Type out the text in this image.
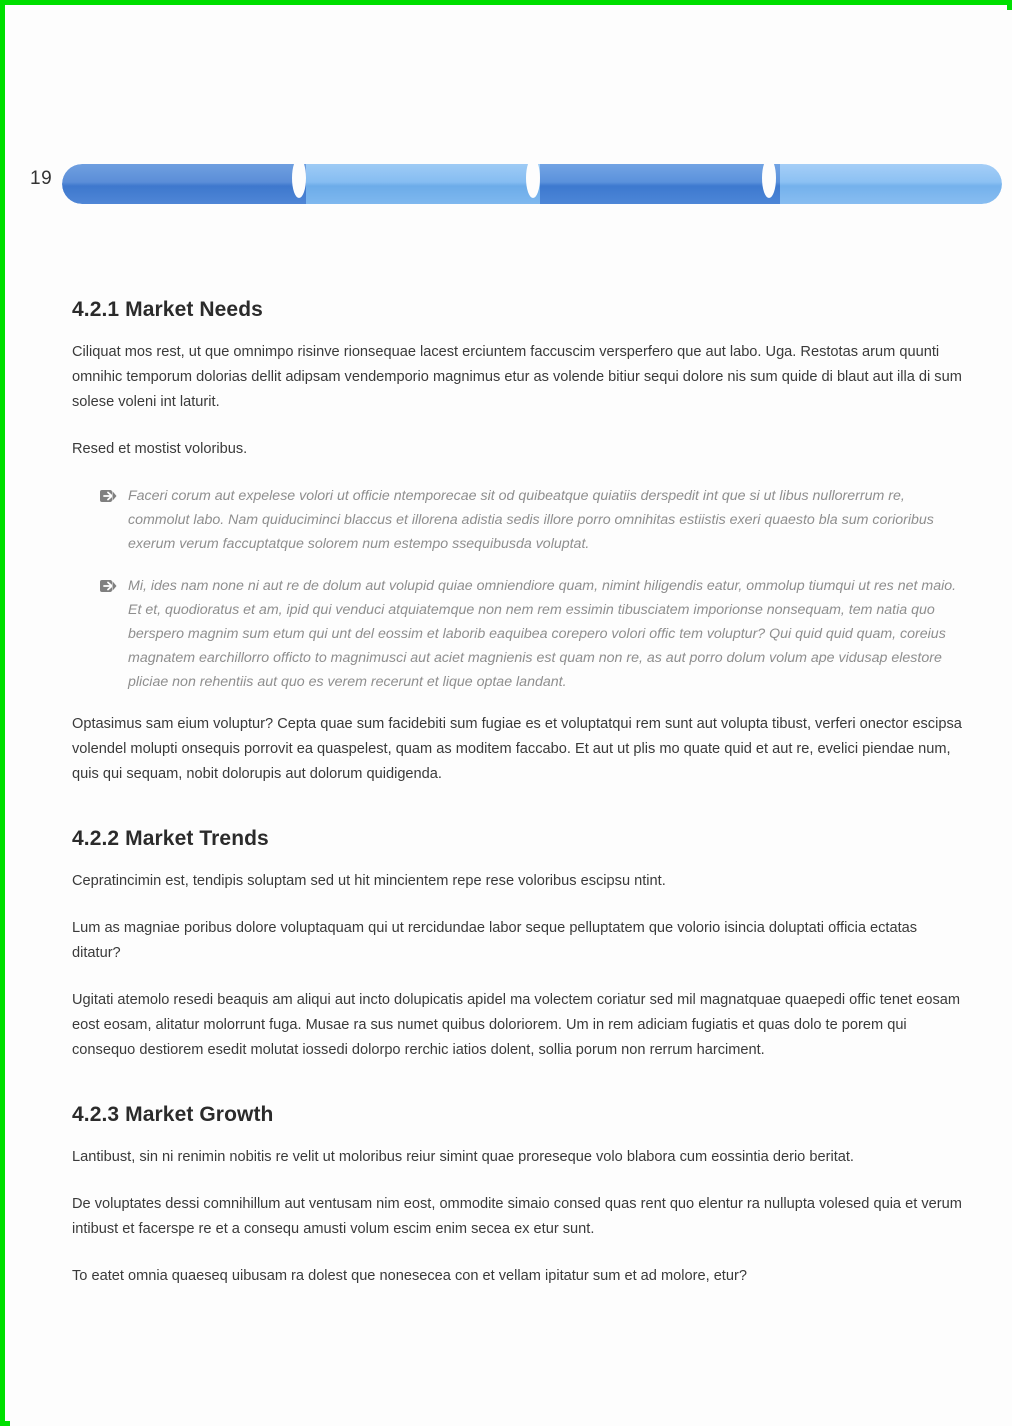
19
4.2.1 Market Needs

Ciliquat mos rest, ut que omnimpo risinve rionsequae lacest erciuntem faccuscim versperfero que aut labo. Uga. Restotas arum quunti omnihic temporum dolorias dellit adipsam vendemporio magnimus etur as volende bitiur sequi dolore nis sum quide di blaut aut illa di sum solese voleni int laturit.

Resed et mostist voloribus.

Faceri corum aut expelese volori ut officie ntemporecae sit od quibeatque quiatiis derspedit int que si ut libus nullorerrum re, commolut labo. Nam quiduciminci blaccus et illorena adistia sedis illore porro omnihitas estiistis exeri quaesto bla sum corioribus exerum verum faccuptatque solorem num estempo ssequibusda voluptat.
Mi, ides nam none ni aut re de dolum aut volupid quiae omniendiore quam, nimint hiligendis eatur, ommolup tiumqui ut res net maio. Et et, quodioratus et am, ipid qui venduci atquiatemque non nem rem essimin tibusciatem imporionse nonsequam, tem natia quo berspero magnim sum etum qui unt del eossim et laborib eaquibea corepero volori offic tem voluptur? Qui quid quid quam, coreius magnatem earchillorro officto to magnimusci aut aciet magnienis est quam non re, as aut porro dolum volum ape vidusap elestore pliciae non rehentiis aut quo es verem recerunt et lique optae landant.

Optasimus sam eium voluptur? Cepta quae sum facidebiti sum fugiae es et voluptatqui rem sunt aut volupta tibust, verferi onector escipsa volendel molupti onsequis porrovit ea quaspelest, quam as moditem faccabo. Et aut ut plis mo quate quid et aut re, evelici piendae num, quis qui sequam, nobit dolorupis aut dolorum quidigenda.

4.2.2 Market Trends

Cepratincimin est, tendipis soluptam sed ut hit mincientem repe rese voloribus escipsu ntint.

Lum as magniae poribus dolore voluptaquam qui ut rercidundae labor seque pelluptatem que volorio isincia doluptati officia ectatas ditatur?

Ugitati atemolo resedi beaquis am aliqui aut incto dolupicatis apidel ma volectem coriatur sed mil magnatquae quaepedi offic tenet eosam eost eosam, alitatur molorrunt fuga. Musae ra sus numet quibus doloriorem. Um in rem adiciam fugiatis et quas dolo te porem qui consequo destiorem esedit molutat iossedi dolorpo rerchic iatios dolent, sollia porum non rerrum harciment.

4.2.3 Market Growth

Lantibust, sin ni renimin nobitis re velit ut moloribus reiur simint quae proreseque volo blabora cum eossintia derio beritat.

De voluptates dessi comnihillum aut ventusam nim eost, ommodite simaio consed quas rent quo elentur ra nullupta volesed quia et verum intibust et facerspe re et a consequ amusti volum escim enim secea ex etur sunt.

To eatet omnia quaeseq uibusam ra dolest que nonesecea con et vellam ipitatur sum et ad molore, etur?
